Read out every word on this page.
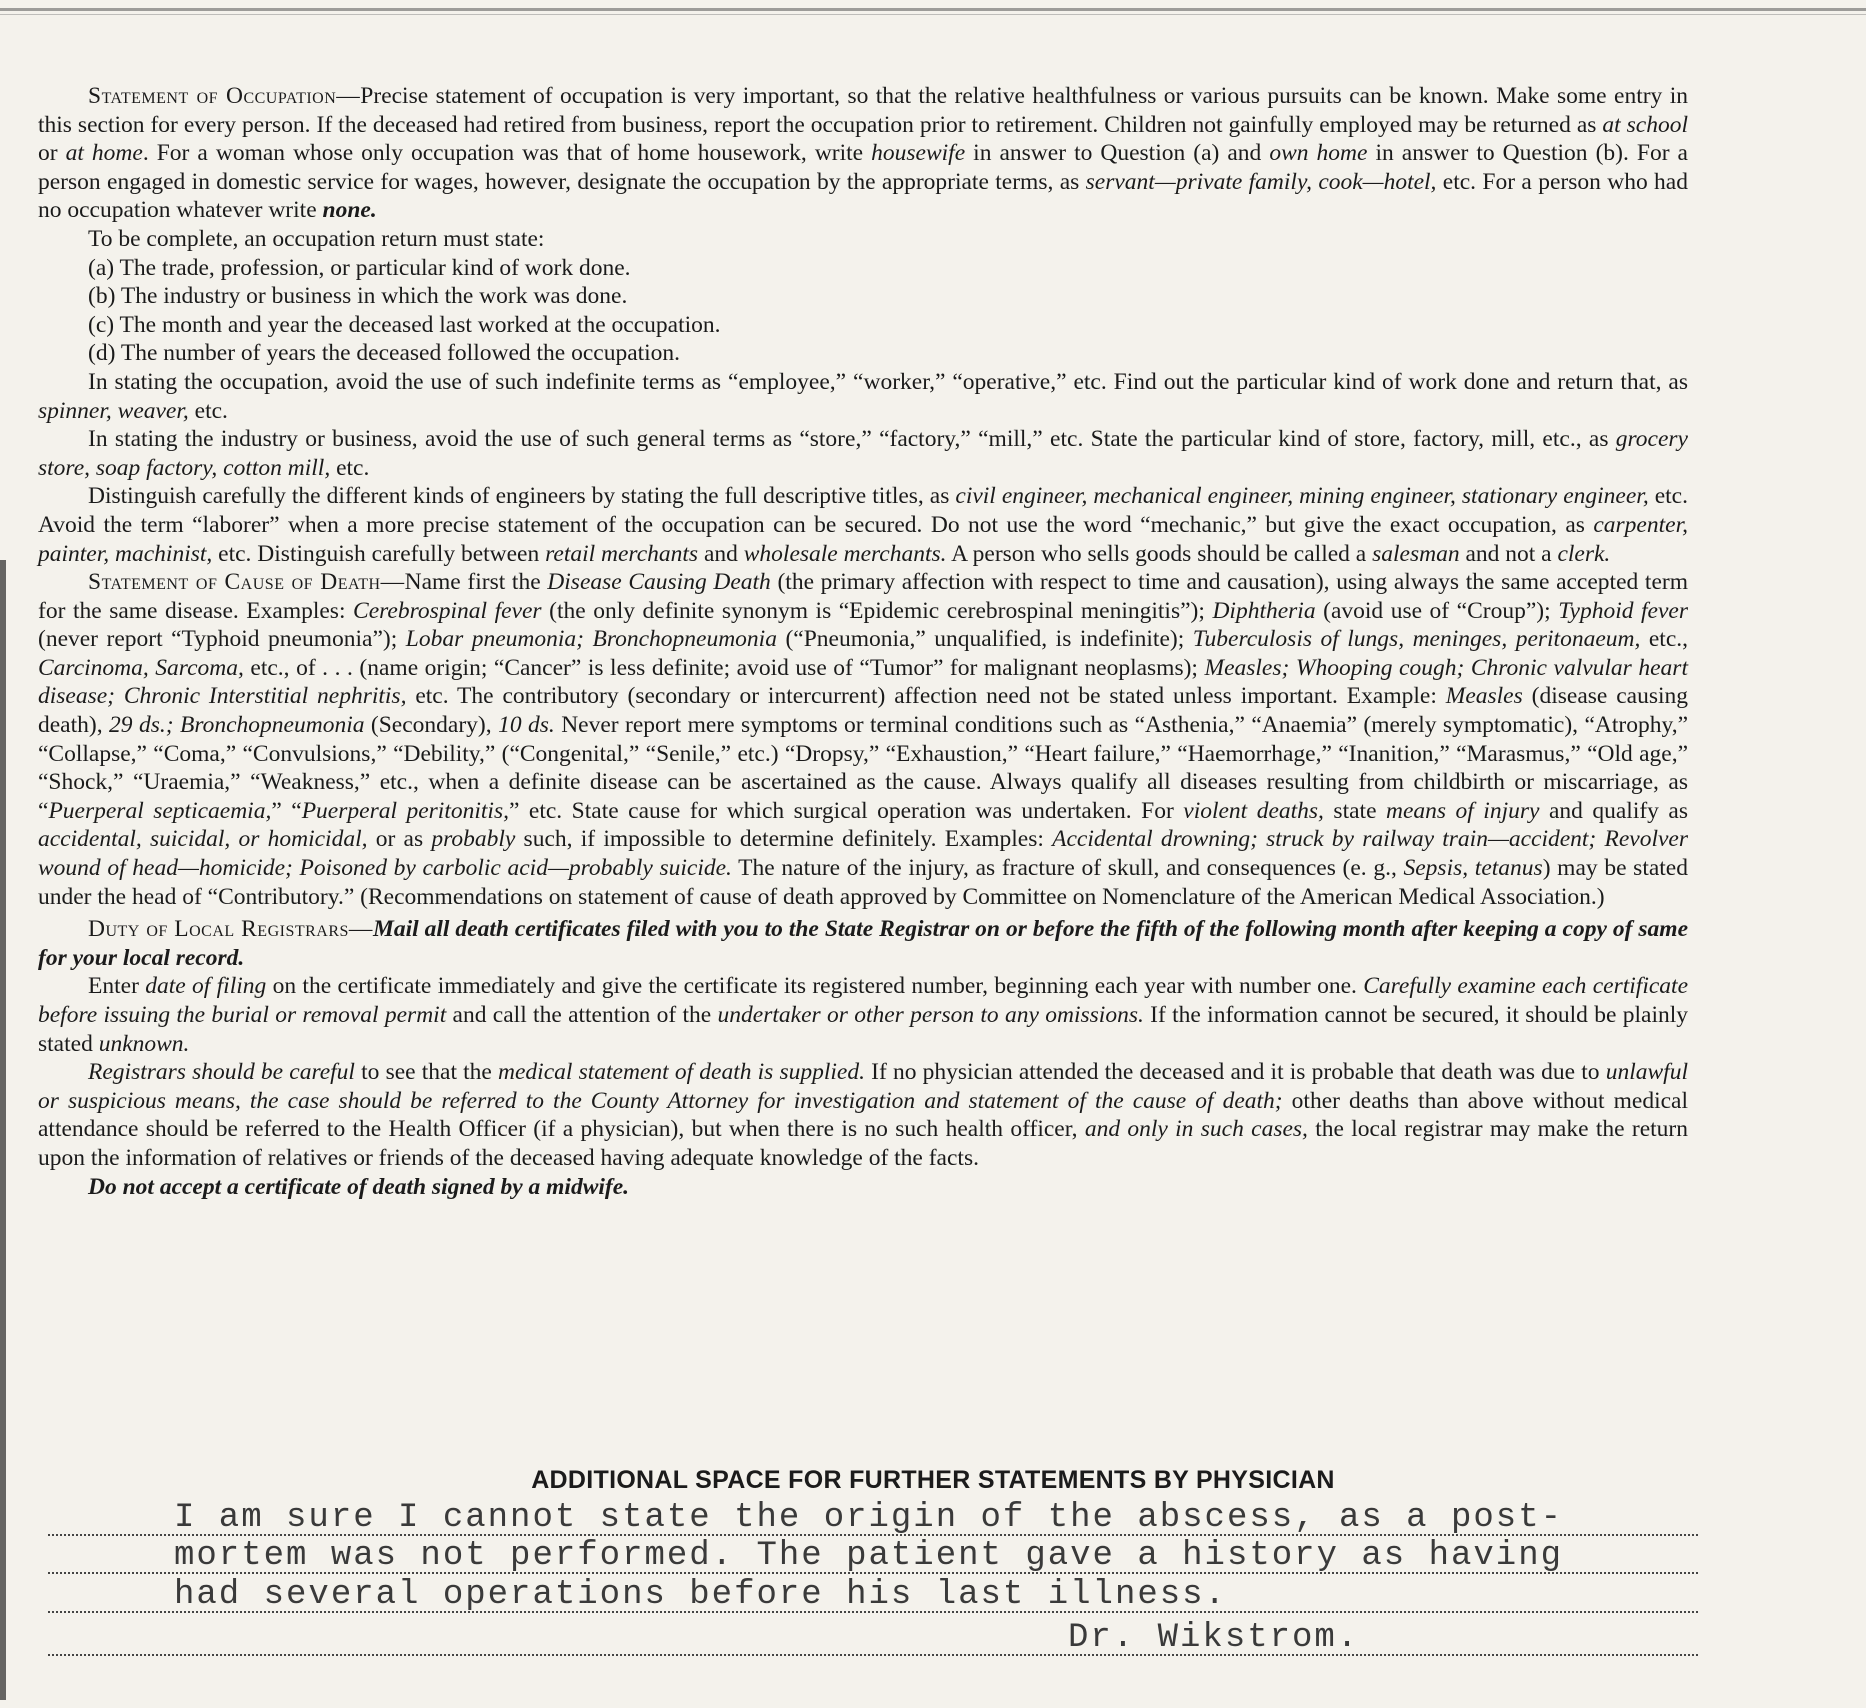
Statement of Occupation—Precise statement of occupation is very important, so that the relative healthfulness or various pursuits can be known. Make some entry in this section for every person. If the deceased had retired from business, report the occupation prior to retirement. Children not gainfully employed may be returned as at school or at home. For a woman whose only occupation was that of home housework, write housewife in answer to Question (a) and own home in answer to Question (b). For a person engaged in domestic service for wages, however, designate the occupation by the appropriate terms, as servant—private family, cook—hotel, etc. For a person who had no occupation whatever write none.

To be complete, an occupation return must state:

(a) The trade, profession, or particular kind of work done.
(b) The industry or business in which the work was done.
(c) The month and year the deceased last worked at the occupation.
(d) The number of years the deceased followed the occupation.

In stating the occupation, avoid the use of such indefinite terms as “employee,” “worker,” “operative,” etc. Find out the particular kind of work done and return that, as spinner, weaver, etc.

In stating the industry or business, avoid the use of such general terms as “store,” “factory,” “mill,” etc. State the particular kind of store, factory, mill, etc., as grocery store, soap factory, cotton mill, etc.

Distinguish carefully the different kinds of engineers by stating the full descriptive titles, as civil engineer, mechanical engineer, mining engineer, stationary engineer, etc. Avoid the term “laborer” when a more precise statement of the occupation can be secured. Do not use the word “mechanic,” but give the exact occupation, as carpenter, painter, machinist, etc. Distinguish carefully between retail merchants and wholesale merchants. A person who sells goods should be called a salesman and not a clerk.

Statement of Cause of Death—Name first the Disease Causing Death (the primary affection with respect to time and causation), using always the same accepted term for the same disease. Examples: Cerebrospinal fever (the only definite synonym is “Epidemic cerebrospinal meningitis”); Diphtheria (avoid use of “Croup”); Typhoid fever (never report “Typhoid pneumonia”); Lobar pneumonia; Bronchopneumonia (“Pneumonia,” unqualified, is indefinite); Tuberculosis of lungs, meninges, peritonaeum, etc., Carcinoma, Sarcoma, etc., of . . . (name origin; “Cancer” is less definite; avoid use of “Tumor” for malignant neoplasms); Measles; Whooping cough; Chronic valvular heart disease; Chronic Interstitial nephritis, etc. The contributory (secondary or intercurrent) affection need not be stated unless important. Example: Measles (disease causing death), 29 ds.; Bronchopneumonia (Secondary), 10 ds. Never report mere symptoms or terminal conditions such as “Asthenia,” “Anaemia” (merely symptomatic), “Atrophy,” “Collapse,” “Coma,” “Convulsions,” “Debility,” (“Congenital,” “Senile,” etc.) “Dropsy,” “Exhaustion,” “Heart failure,” “Haemorrhage,” “Inanition,” “Marasmus,” “Old age,” “Shock,” “Uraemia,” “Weakness,” etc., when a definite disease can be ascertained as the cause. Always qualify all diseases resulting from childbirth or miscarriage, as “Puerperal septicaemia,” “Puerperal peritonitis,” etc. State cause for which surgical operation was undertaken. For violent deaths, state means of injury and qualify as accidental, suicidal, or homicidal, or as probably such, if impossible to determine definitely. Examples: Accidental drowning; struck by railway train—accident; Revolver wound of head—homicide; Poisoned by carbolic acid—probably suicide. The nature of the injury, as fracture of skull, and consequences (e. g., Sepsis, tetanus) may be stated under the head of “Contributory.” (Recommendations on statement of cause of death approved by Committee on Nomenclature of the American Medical Association.)

Duty of Local Registrars—Mail all death certificates filed with you to the State Registrar on or before the fifth of the following month after keeping a copy of same for your local record.

Enter date of filing on the certificate immediately and give the certificate its registered number, beginning each year with number one. Carefully examine each certificate before issuing the burial or removal permit and call the attention of the undertaker or other person to any omissions. If the information cannot be secured, it should be plainly stated unknown.

Registrars should be careful to see that the medical statement of death is supplied. If no physician attended the deceased and it is probable that death was due to unlawful or suspicious means, the case should be referred to the County Attorney for investigation and statement of the cause of death; other deaths than above without medical attendance should be referred to the Health Officer (if a physician), but when there is no such health officer, and only in such cases, the local registrar may make the return upon the information of relatives or friends of the deceased having adequate knowledge of the facts.

Do not accept a certificate of death signed by a midwife.

ADDITIONAL SPACE FOR FURTHER STATEMENTS BY PHYSICIAN
I am sure I cannot state the origin of the abscess, as a post-
mortem was not performed. The patient gave a history as having
had several operations before his last illness.
Dr. Wikstrom.
